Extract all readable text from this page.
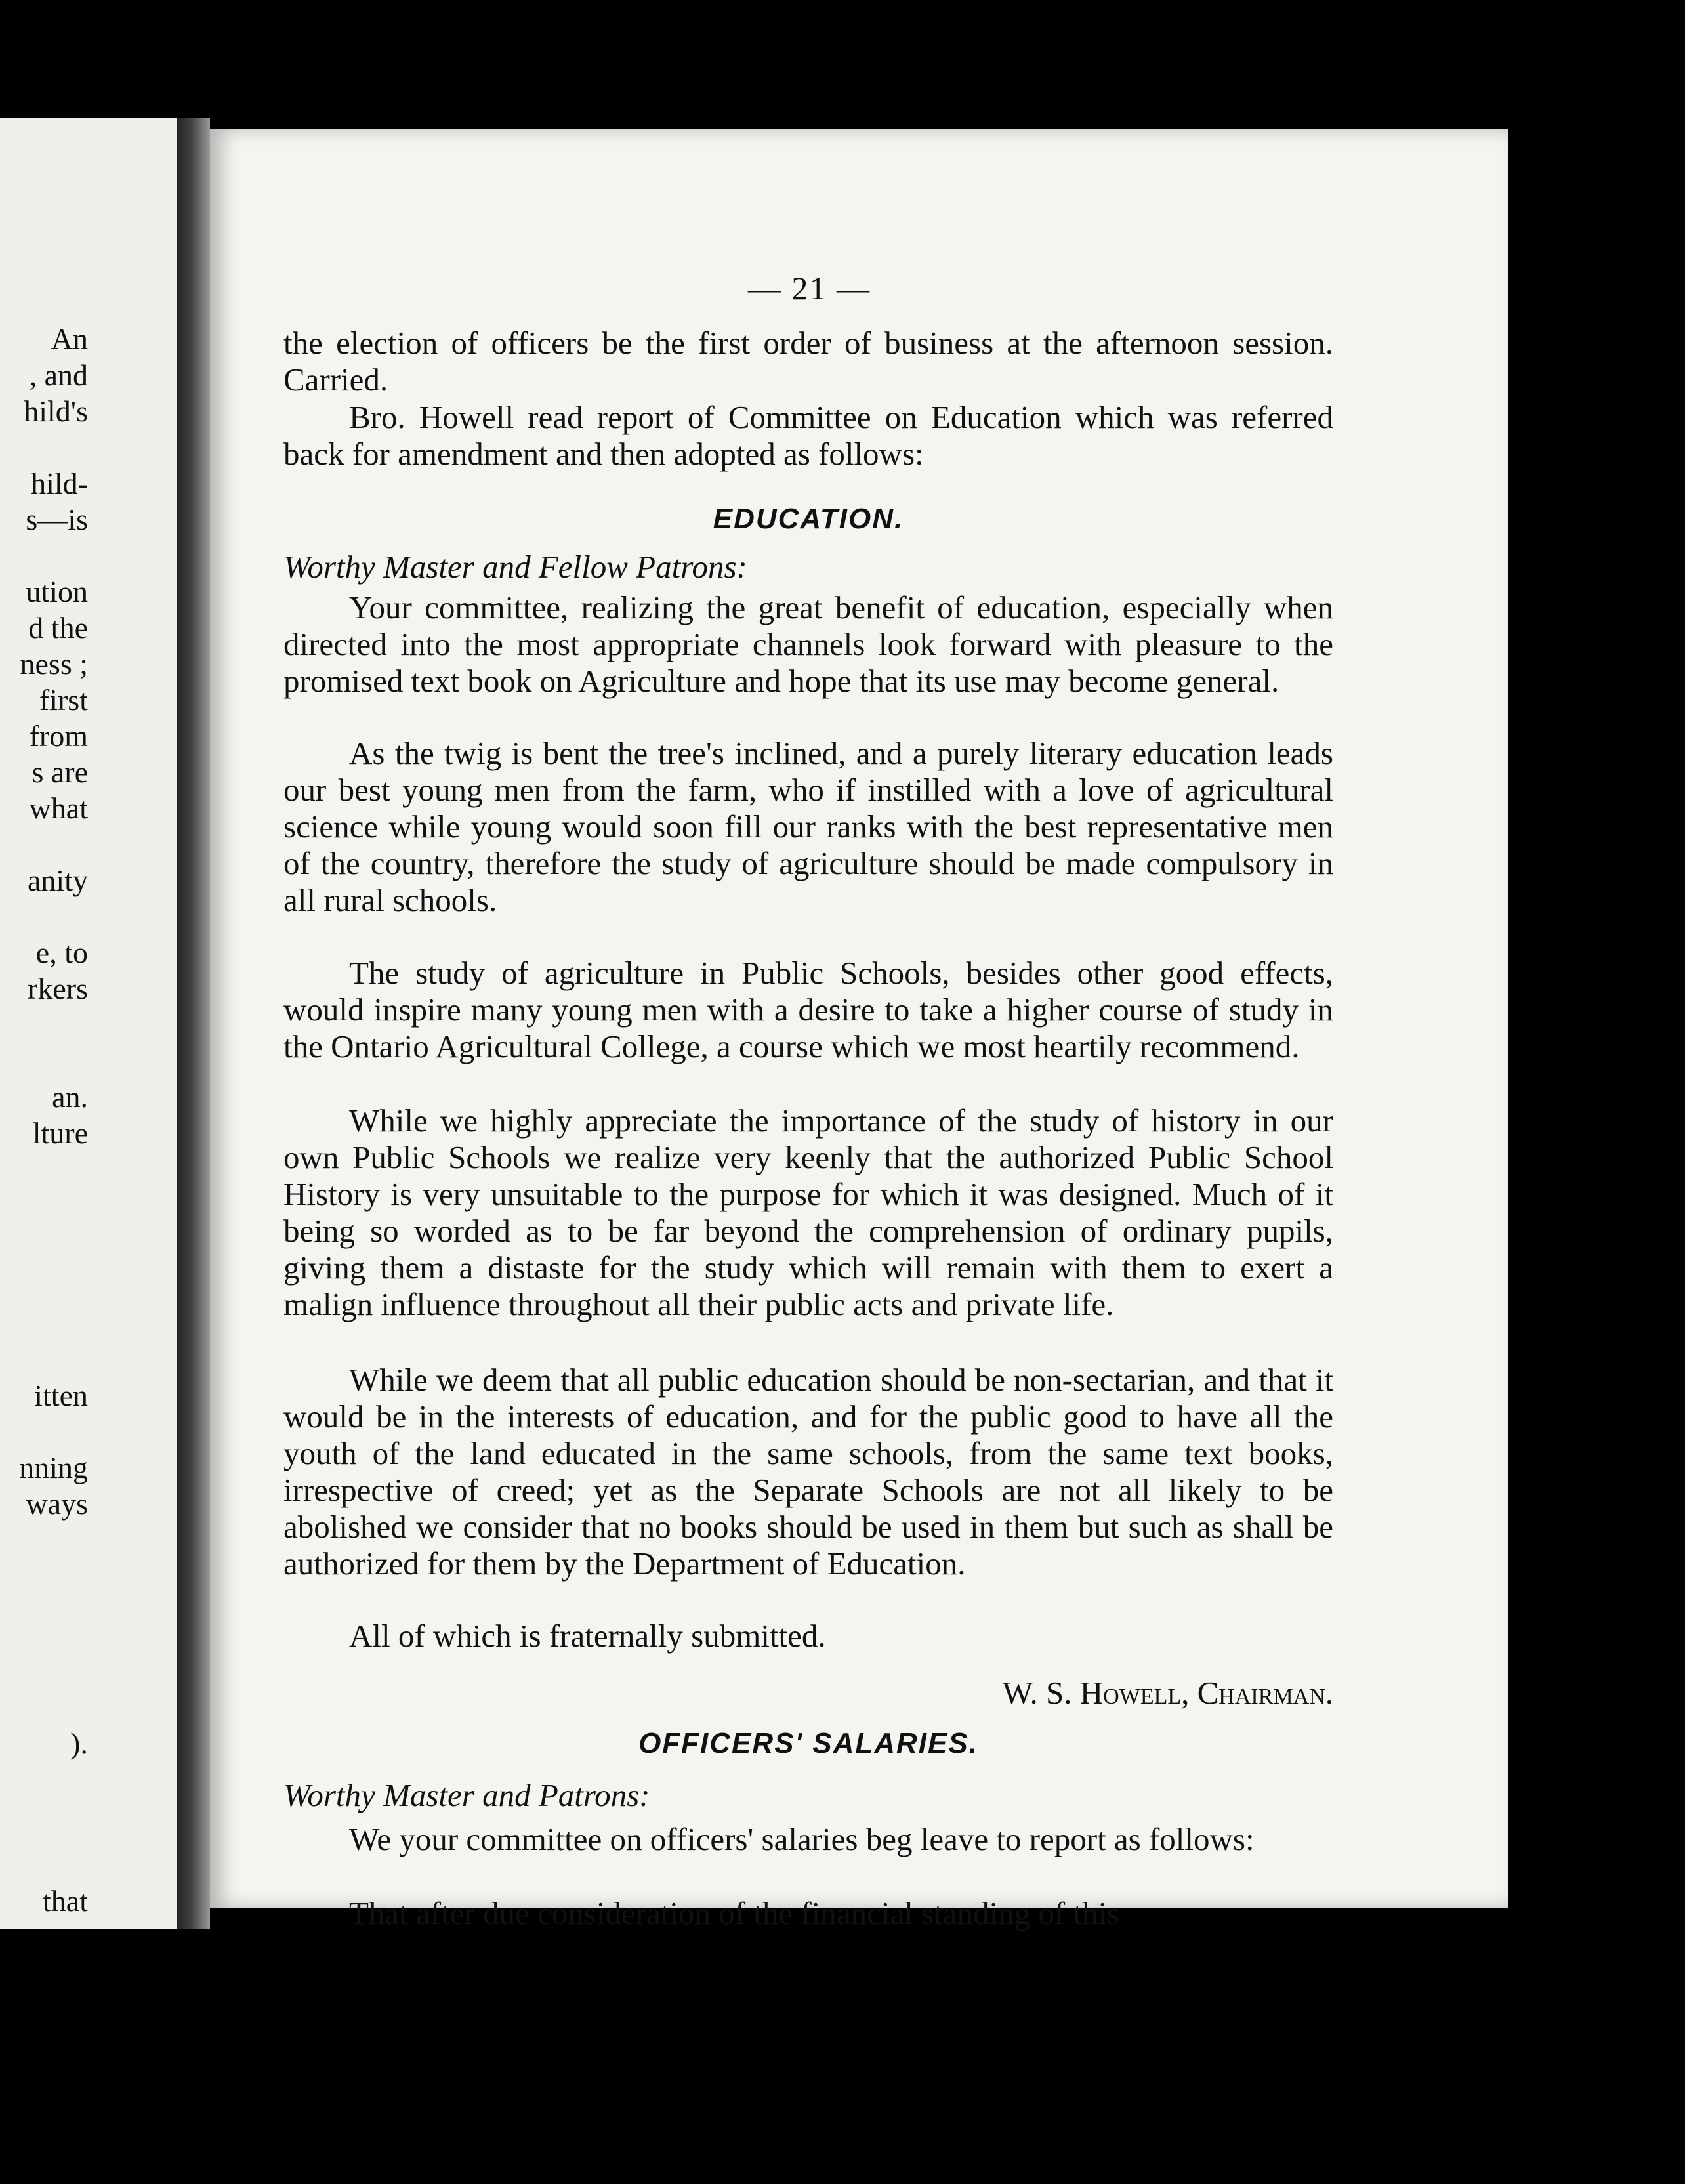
An
, and
hild's
hild-
s—is
ution
d the
ness ;
first
from
s are
what
anity
e, to
rkers
an.
lture
itten
nning
ways
).
that
— 21 —

the election of officers be the first order of business at the afternoon session. Carried.

Bro. Howell read report of Committee on Education which was referred back for amendment and then adopted as follows:

EDUCATION.

Worthy Master and Fellow Patrons:

Your committee, realizing the great benefit of education, especially when directed into the most appropriate channels look forward with pleasure to the promised text book on Agriculture and hope that its use may become general.

As the twig is bent the tree's inclined, and a purely literary education leads our best young men from the farm, who if instilled with a love of agricultural science while young would soon fill our ranks with the best representative men of the country, therefore the study of agriculture should be made compulsory in all rural schools.

The study of agriculture in Public Schools, besides other good effects, would inspire many young men with a desire to take a higher course of study in the Ontario Agricultural College, a course which we most heartily recommend.

While we highly appreciate the importance of the study of history in our own Public Schools we realize very keenly that the authorized Public School History is very unsuitable to the purpose for which it was designed. Much of it being so worded as to be far beyond the comprehension of ordinary pupils, giving them a distaste for the study which will remain with them to exert a malign influence throughout all their public acts and private life.

While we deem that all public education should be non-sectarian, and that it would be in the interests of education, and for the public good to have all the youth of the land educated in the same schools, from the same text books, irrespective of creed; yet as the Separate Schools are not all likely to be abolished we consider that no books should be used in them but such as shall be authorized for them by the Department of Education.

All of which is fraternally submitted.

W. S. Howell, Chairman.

OFFICERS' SALARIES.

Worthy Master and Patrons:

We your committee on officers' salaries beg leave to report as follows:

That after due consideration of the financial standing of this
